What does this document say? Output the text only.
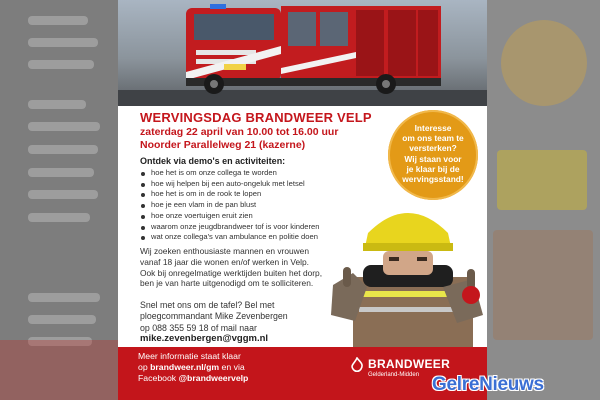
WERVINGSDAG BRANDWEER VELP
zaterdag 22 april van 10.00 tot 16.00 uur
Noorder Parallelweg 21 (kazerne)
Ontdek via demo's en activiteiten:
hoe het is om onze collega te worden
hoe wij helpen bij een auto-ongeluk met letsel
hoe het is om in de rook te lopen
hoe je een vlam in de pan blust
hoe onze voertuigen eruit zien
waarom onze jeugdbrandweer tof is voor kinderen
wat onze collega's van ambulance en politie doen

Wij zoeken enthousiaste mannen en vrouwen
vanaf 18 jaar die wonen en/of werken in Velp.
Ook bij onregelmatige werktijden buiten het dorp,
ben je van harte uitgenodigd om te solliciteren.

Snel met ons om de tafel? Bel met
ploegcommandant Mike Zevenbergen
op 088 355 59 18 of mail naar

mike.zevenbergen@vggm.nl
Interesse
om ons team te
versterken?
Wij staan voor
je klaar bij de
wervingsstand!
Meer informatie staat klaar
op brandweer.nl/gm en via
Facebook @brandweervelp
BRANDWEER
Gelderland-Midden GelreNieuws
